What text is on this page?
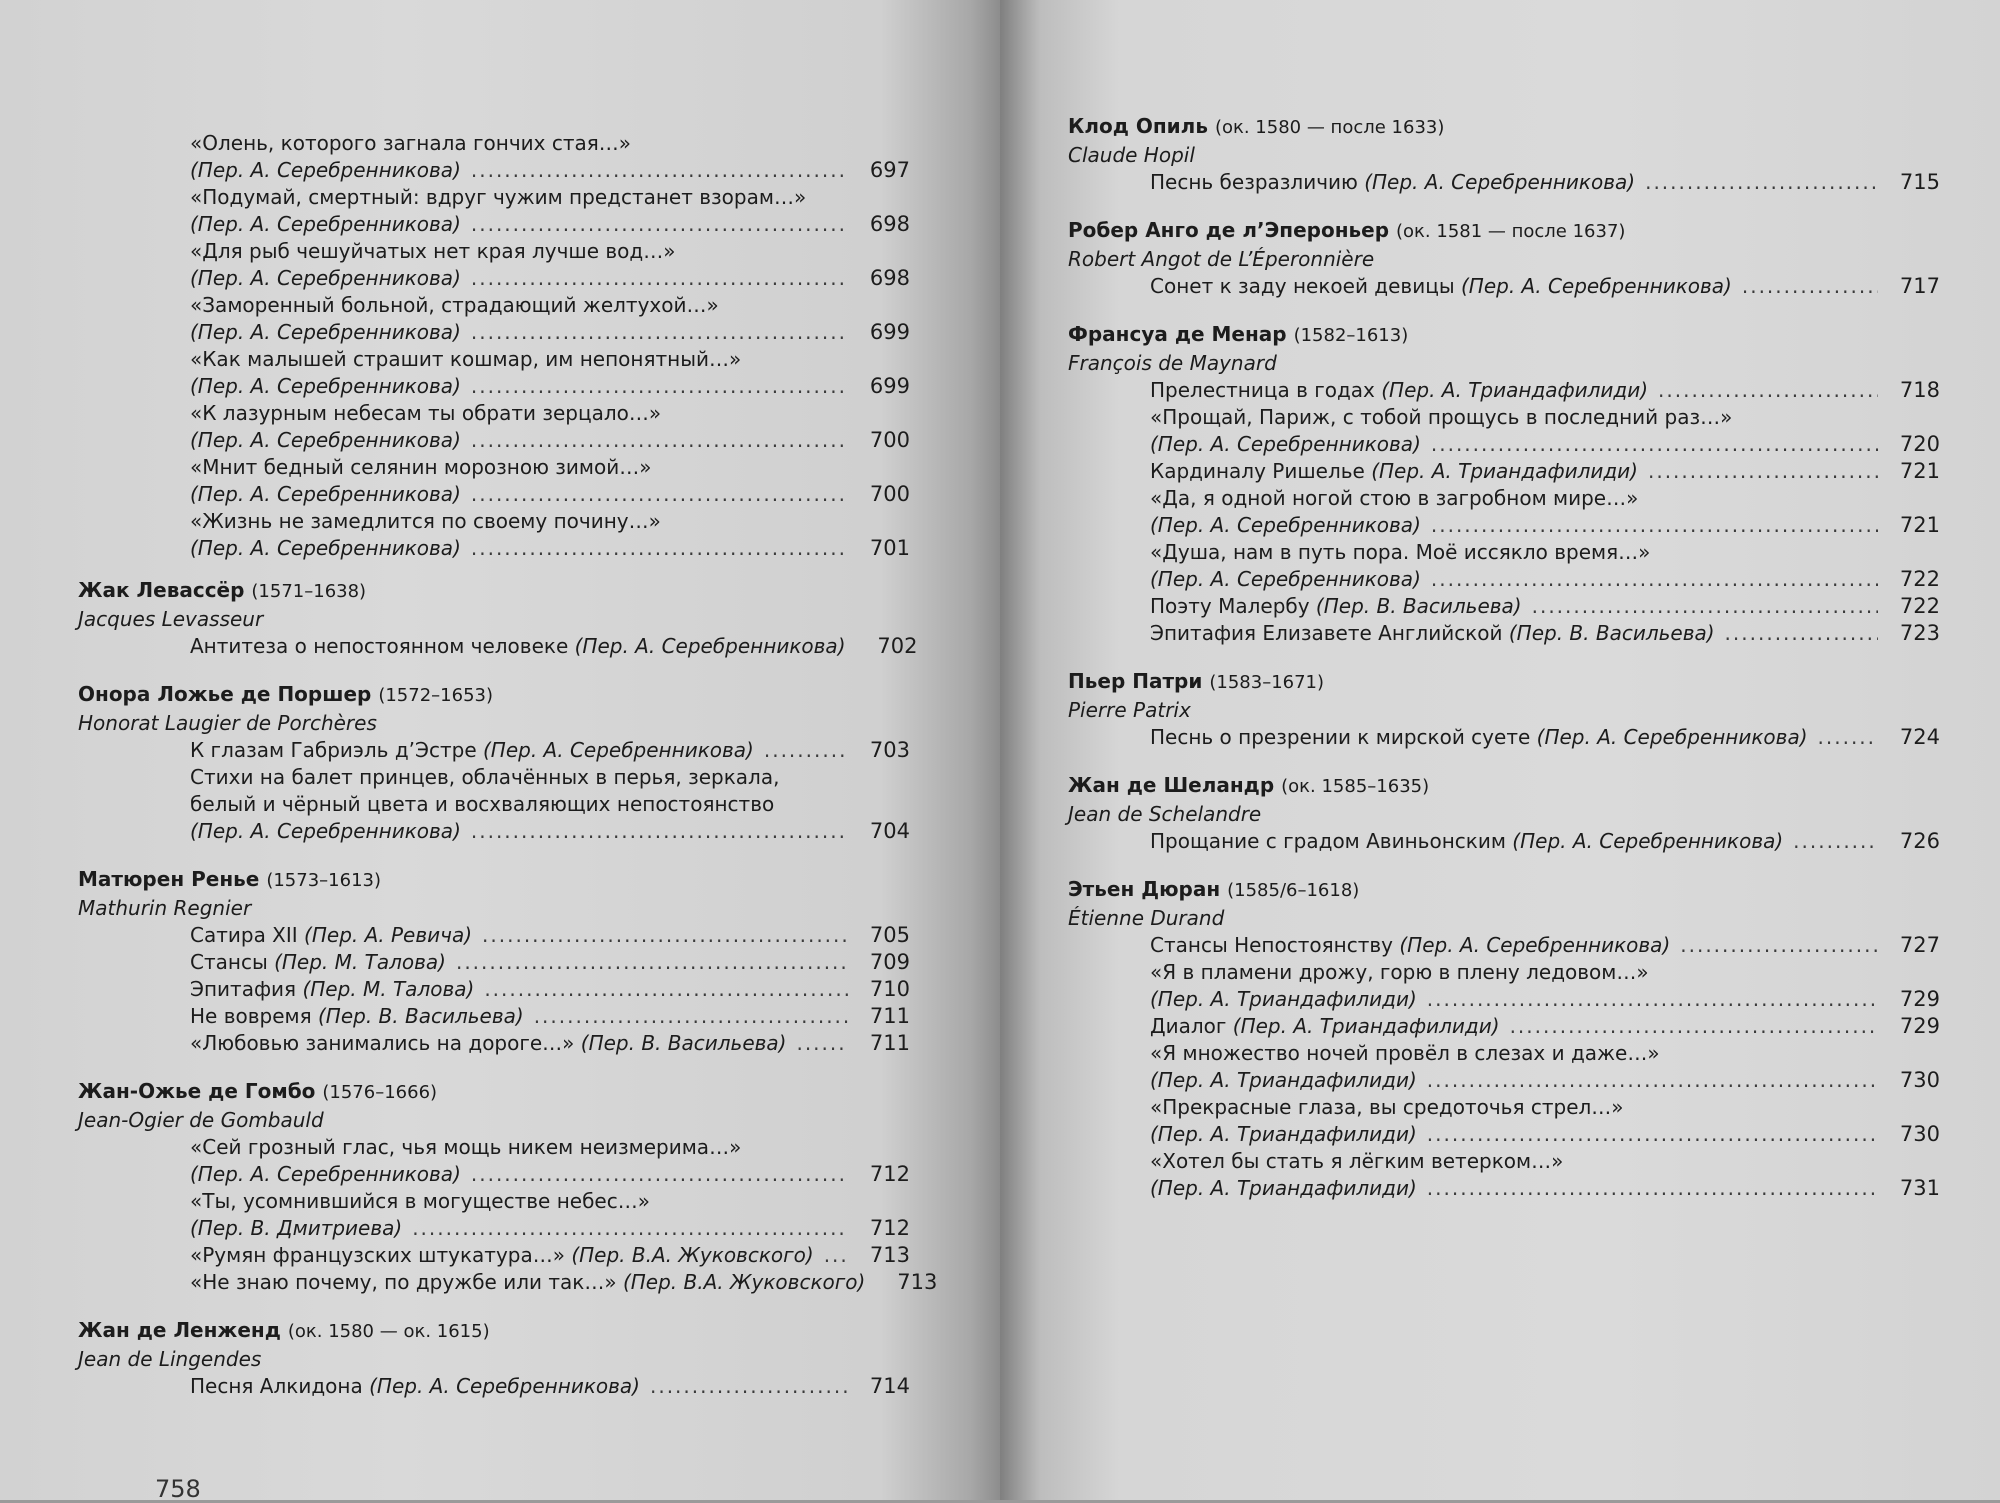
«Олень, которого загнала гончих стая…»
(Пер. А. Серебренникова) .....	697
«Подумай, смертный: вдруг чужим предстанет взорам…»
(Пер. А. Серебренникова) .....	698
«Для рыб чешуйчатых нет края лучше вод…»
(Пер. А. Серебренникова) .....	698
«Заморенный больной, страдающий желтухой…»
(Пер. А. Серебренникова) .....	699
«Как малышей страшит кошмар, им непонятный…»
(Пер. А. Серебренникова) .....	699
«К лазурным небесам ты обрати зерцало…»
(Пер. А. Серебренникова) .....	700
«Мнит бедный селянин морозною зимой…»
(Пер. А. Серебренникова) .....	700
«Жизнь не замедлится по своему почину…»
(Пер. А. Серебренникова) .....	701
Жак Левассёр (1571–1638)
Jacques Levasseur
Антитеза о непостоянном человеке (Пер. А. Серебренникова)	702
Онора Ложье де Поршер (1572–1653)
Honorat Laugier de Porchères
К глазам Габриэль д’Эстре (Пер. А. Серебренникова) .....	703
Стихи на балет принцев, облачённых в перья, зеркала,
белый и чёрный цвета и восхваляющих непостоянство
(Пер. А. Серебренникова) .....	704
Матюрен Ренье (1573–1613)
Mathurin Regnier
Сатира XII (Пер. А. Ревича) .....	705
Стансы (Пер. М. Талова) .....	709
Эпитафия (Пер. М. Талова) .....	710
Не вовремя (Пер. В. Васильева) .....	711
«Любовью занимались на дороге…» (Пер. В. Васильева) .....	711
Жан-Ожье де Гомбо (1576–1666)
Jean-Ogier de Gombauld
«Сей грозный глас, чья мощь никем неизмерима…»
(Пер. А. Серебренникова) .....	712
«Ты, усомнившийся в могуществе небес…»
(Пер. В. Дмитриева) .....	712
«Румян французских штукатура…» (Пер. В.А. Жуковского) .....	713
«Не знаю почему, по дружбе или так…» (Пер. В.А. Жуковского)	713
Жан де Ленженд (ок. 1580 — ок. 1615)
Jean de Lingendes
Песня Алкидона (Пер. А. Серебренникова) .....	714
758
Клод Опиль (ок. 1580 — после 1633)
Claude Hopil
Песнь безразличию (Пер. А. Серебренникова) .....	715
Робер Анго де л’Эпероньер (ок. 1581 — после 1637)
Robert Angot de L’Éperonnière
Сонет к заду некоей девицы (Пер. А. Серебренникова) .....	717
Франсуа де Менар (1582–1613)
François de Maynard
Прелестница в годах (Пер. А. Триандафилиди) .....	718
«Прощай, Париж, с тобой прощусь в последний раз…»
(Пер. А. Серебренникова) .....	720
Кардиналу Ришелье (Пер. А. Триандафилиди) .....	721
«Да, я одной ногой стою в загробном мире…»
(Пер. А. Серебренникова) .....	721
«Душа, нам в путь пора. Моё иссякло время…»
(Пер. А. Серебренникова) .....	722
Поэту Малербу (Пер. В. Васильева) .....	722
Эпитафия Елизавете Английской (Пер. В. Васильева) .....	723
Пьер Патри (1583–1671)
Pierre Patrix
Песнь о презрении к мирской суете (Пер. А. Серебренникова) .....	724
Жан де Шеландр (ок. 1585–1635)
Jean de Schelandre
Прощание с градом Авиньонским (Пер. А. Серебренникова) .....	726
Этьен Дюран (1585/6–1618)
Étienne Durand
Стансы Непостоянству (Пер. А. Серебренникова) .....	727
«Я в пламени дрожу, горю в плену ледовом…»
(Пер. А. Триандафилиди) .....	729
Диалог (Пер. А. Триандафилиди) .....	729
«Я множество ночей провёл в слезах и даже…»
(Пер. А. Триандафилиди) .....	730
«Прекрасные глаза, вы средоточья стрел…»
(Пер. А. Триандафилиди) .....	730
«Хотел бы стать я лёгким ветерком…»
(Пер. А. Триандафилиди) .....	731
